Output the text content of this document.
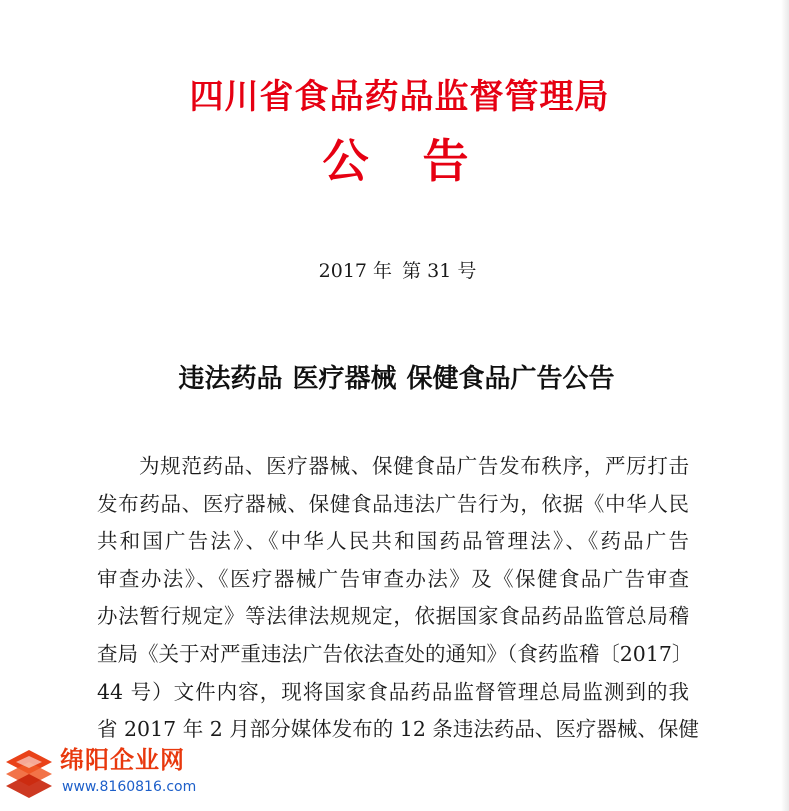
四川省食品药品监督管理局
公 告
2017 年 第 31 号
违法药品 医疗器械 保健食品广告公告
为规范药品、医疗器械、保健食品广告发布秩序，严厉打击
发布药品、医疗器械、保健食品违法广告行为，依据《中华人民
共和国广告法》、《中华人民共和国药品管理法》、《药品广告
审查办法》、《医疗器械广告审查办法》及《保健食品广告审查
办法暂行规定》等法律法规规定，依据国家食品药品监管总局稽
查局《关于对严重违法广告依法查处的通知》（食药监稽〔2017〕
44 号）文件内容，现将国家食品药品监督管理总局监测到的我
省 2017 年 2 月部分媒体发布的 12 条违法药品、医疗器械、保健
绵阳企业网
www.8160816.com
